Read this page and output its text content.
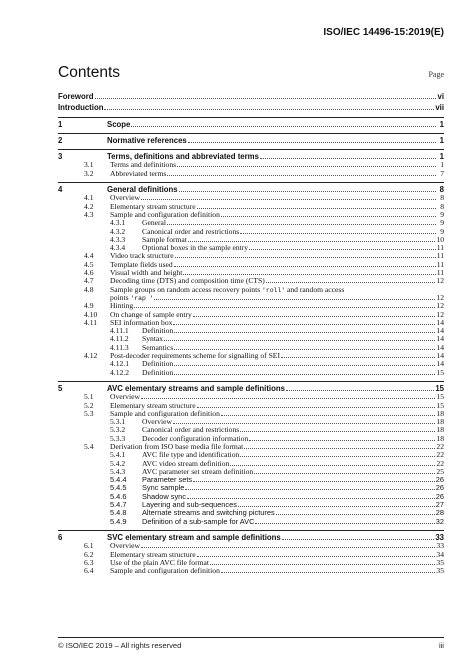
ISO/IEC 14496-15:2019(E)
Contents	Page
Foreword	vi
Introduction	vii
1	Scope	1
2	Normative references	1
3	Terms, definitions and abbreviated terms	1
3.1	Terms and definitions	1
3.2	Abbreviated terms	7
4	General definitions	8
4.1	Overview	8
4.2	Elementary stream structure	8
4.3	Sample and configuration definition	9
4.3.1	General	9
4.3.2	Canonical order and restrictions	9
4.3.3	Sample format	10
4.3.4	Optional boxes in the sample entry	11
4.4	Video track structure	11
4.5	Template fields used	11
4.6	Visual width and height	11
4.7	Decoding time (DTS) and composition time (CTS)	12
4.8	Sample groups on random access recovery points 'roll' and random access
points 'rap '	12
4.9	Hinting	12
4.10	On change of sample entry	12
4.11	SEI information box	14
4.11.1	Definition	14
4.11.2	Syntax	14
4.11.3	Semantics	14
4.12	Post-decoder requirements scheme for signalling of SEI	14
4.12.1	Definition	14
4.12.2	Definition	15
5	AVC elementary streams and sample definitions	15
5.1	Overview	15
5.2	Elementary stream structure	15
5.3	Sample and configuration definition	18
5.3.1	Overview	18
5.3.2	Canonical order and restrictions	18
5.3.3	Decoder configuration information	18
5.4	Derivation from ISO base media file format	22
5.4.1	AVC file type and identification	22
5.4.2	AVC video stream definition	22
5.4.3	AVC parameter set stream definition	25
5.4.4	Parameter sets	26
5.4.5	Sync sample	26
5.4.6	Shadow sync	26
5.4.7	Layering and sub-sequences	27
5.4.8	Alternate streams and switching pictures	28
5.4.9	Definition of a sub-sample for AVC	32
6	SVC elementary stream and sample definitions	33
6.1	Overview	33
6.2	Elementary stream structure	34
6.3	Use of the plain AVC file format	35
6.4	Sample and configuration definition	35
© ISO/IEC 2019 – All rights reserved	iii
